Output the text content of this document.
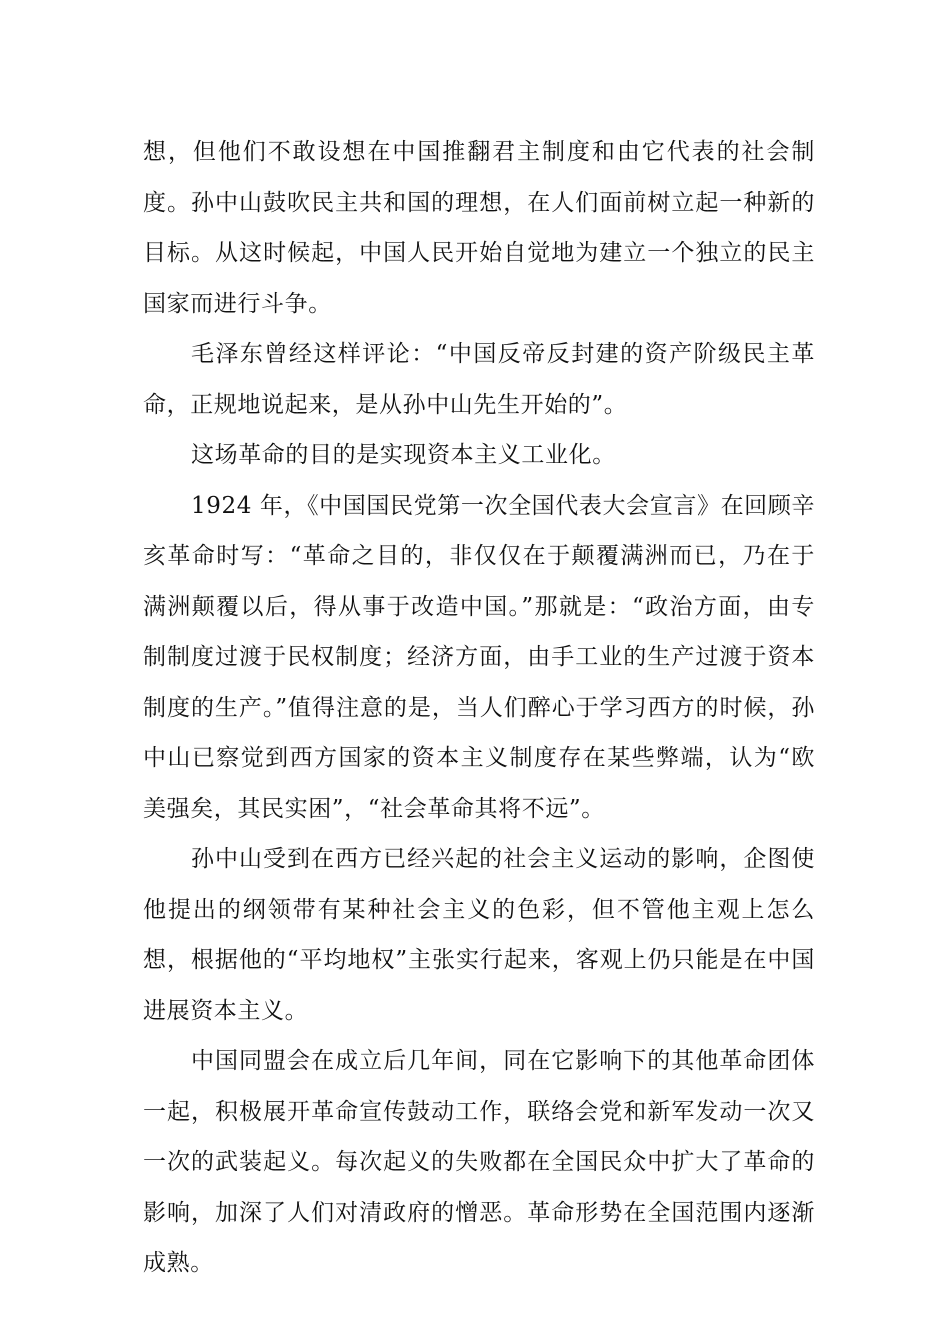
想，但他们不敢设想在中国推翻君主制度和由它代表的社会制度。孙中山鼓吹民主共和国的理想，在人们面前树立起一种新的目标。从这时候起，中国人民开始自觉地为建立一个独立的民主国家而进行斗争。

毛泽东曾经这样评论：“中国反帝反封建的资产阶级民主革命，正规地说起来，是从孙中山先生开始的”。

这场革命的目的是实现资本主义工业化。

1924 年，《中国国民党第一次全国代表大会宣言》在回顾辛亥革命时写：“革命之目的，非仅仅在于颠覆满洲而已，乃在于满洲颠覆以后，得从事于改造中国。”那就是：“政治方面，由专制制度过渡于民权制度；经济方面，由手工业的生产过渡于资本制度的生产。”值得注意的是，当人们醉心于学习西方的时候，孙中山已察觉到西方国家的资本主义制度存在某些弊端，认为“欧美强矣，其民实困”，“社会革命其将不远”。

孙中山受到在西方已经兴起的社会主义运动的影响，企图使他提出的纲领带有某种社会主义的色彩，但不管他主观上怎么想，根据他的“平均地权”主张实行起来，客观上仍只能是在中国进展资本主义。

中国同盟会在成立后几年间，同在它影响下的其他革命团体一起，积极展开革命宣传鼓动工作，联络会党和新军发动一次又一次的武装起义。每次起义的失败都在全国民众中扩大了革命的影响，加深了人们对清政府的憎恶。革命形势在全国范围内逐渐成熟。
